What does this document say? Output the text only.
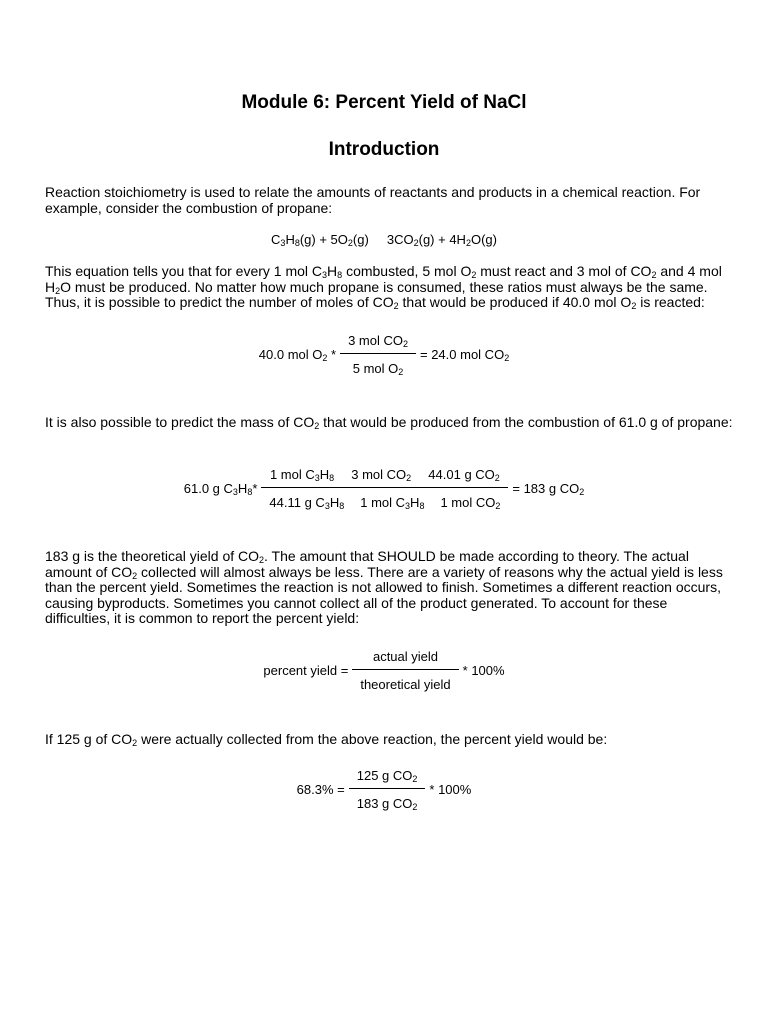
Module 6: Percent Yield of NaCl
Introduction
Reaction stoichiometry is used to relate the amounts of reactants and products in a chemical reaction. For example, consider the combustion of propane:
$C_3H_8(g) + 5O_2(g)$     $3CO_2(g) + 4H_2O(g)$
This equation tells you that for every 1 mol $C_3H_8$ combusted, 5 mol $O_2$ must react and 3 mol of $CO_2$ and 4 mol $H_2O$ must be produced. No matter how much propane is consumed, these ratios must always be the same. Thus, it is possible to predict the number of moles of $CO_2$ that would be produced if 40.0 mol $O_2$ is reacted:
40.0 mol $O_2 * \frac{3 mol CO_2}{5 mol O_2} = 24.0$ mol $CO_2$
It is also possible to predict the mass of $CO_2$ that would be produced from the combustion of 61.0 g of propane:
61.0 g $C_3H_8*$ 1 mol $C_3H_8$	3 mol $CO_2$	44.01 g $CO_2$
44.11 g $C_3H_8$	1 mol $C_3H_8$	1 mol $CO_2 = 183$ g $CO_2$
183 g is the theoretical yield of $CO_2$. The amount that SHOULD be made according to theory. The actual amount of $CO_2$ collected will almost always be less. There are a variety of reasons why the actual yield is less than the percent yield. Sometimes the reaction is not allowed to finish. Sometimes a different reaction occurs, causing byproducts. Sometimes you cannot collect all of the product generated. To account for these difficulties, it is common to report the percent yield:
percent yield = $\frac{\text{actual yield}}{\text{theoretical yield}} * 100\%$
If 125 g of $CO_2$ were actually collected from the above reaction, the percent yield would be:
$68.3\% = \frac{125 g CO_2}{183 g CO_2} * 100\%$
